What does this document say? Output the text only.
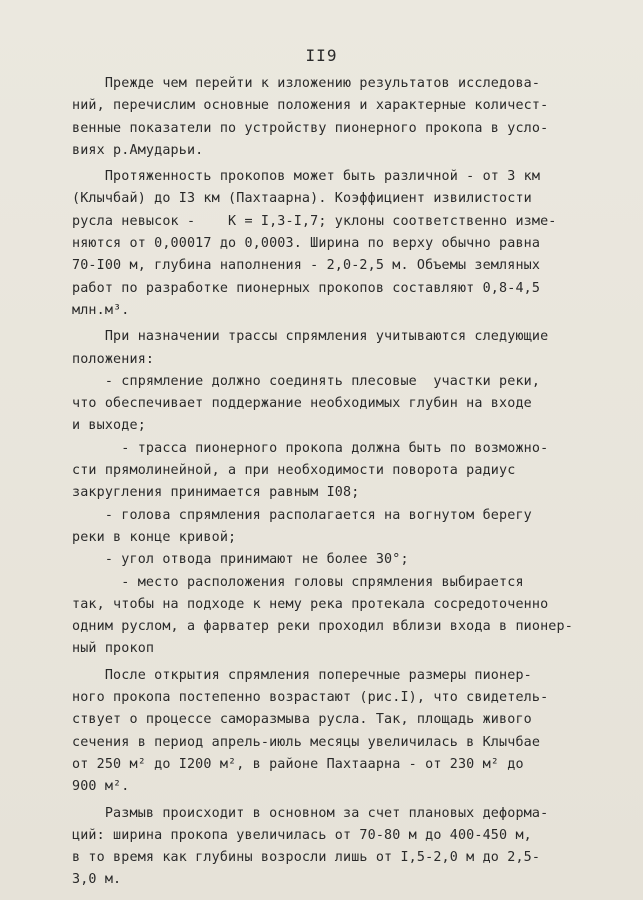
II9
Прежде чем перейти к изложению результатов исследова-
ний, перечислим основные положения и характерные количест-
венные показатели по устройству пионерного прокопа в усло-
виях р.Амударьи.
Протяженность прокопов может быть различной - от 3 км
(Клычбай) до I3 км (Пахтаарна). Коэффициент извилистости
русла невысок -    К = I,3-I,7; уклоны соответственно изме-
няются от 0,00017 до 0,0003. Ширина по верху обычно равна
70-I00 м, глубина наполнения - 2,0-2,5 м. Объемы земляных
работ по разработке пионерных прокопов составляют 0,8-4,5
млн.м³.
При назначении трассы спрямления учитываются следующие
положения:
- спрямление должно соединять плесовые  участки реки,
что обеспечивает поддержание необходимых глубин на входе
и выходе;
- трасса пионерного прокопа должна быть по возможно-
сти прямолинейной, а при необходимости поворота радиус
закругления принимается равным I08;
- голова спрямления располагается на вогнутом берегу
реки в конце кривой;
- угол отвода принимают не более 30°;
- место расположения головы спрямления выбирается
так, чтобы на подходе к нему река протекала сосредоточенно
одним руслом, а фарватер реки проходил вблизи входа в пионер-
ный прокоп
После открытия спрямления поперечные размеры пионер-
ного прокопа постепенно возрастают (рис.I), что свидетель-
ствует о процессе саморазмыва русла. Так, площадь живого
сечения в период апрель-июль месяцы увеличилась в Клычбае
от 250 м² до I200 м², в районе Пахтаарна - от 230 м² до
900 м².
Размыв происходит в основном за счет плановых деформа-
ций: ширина прокопа увеличилась от 70-80 м до 400-450 м,
в то время как глубины возросли лишь от I,5-2,0 м до 2,5-
3,0 м.
